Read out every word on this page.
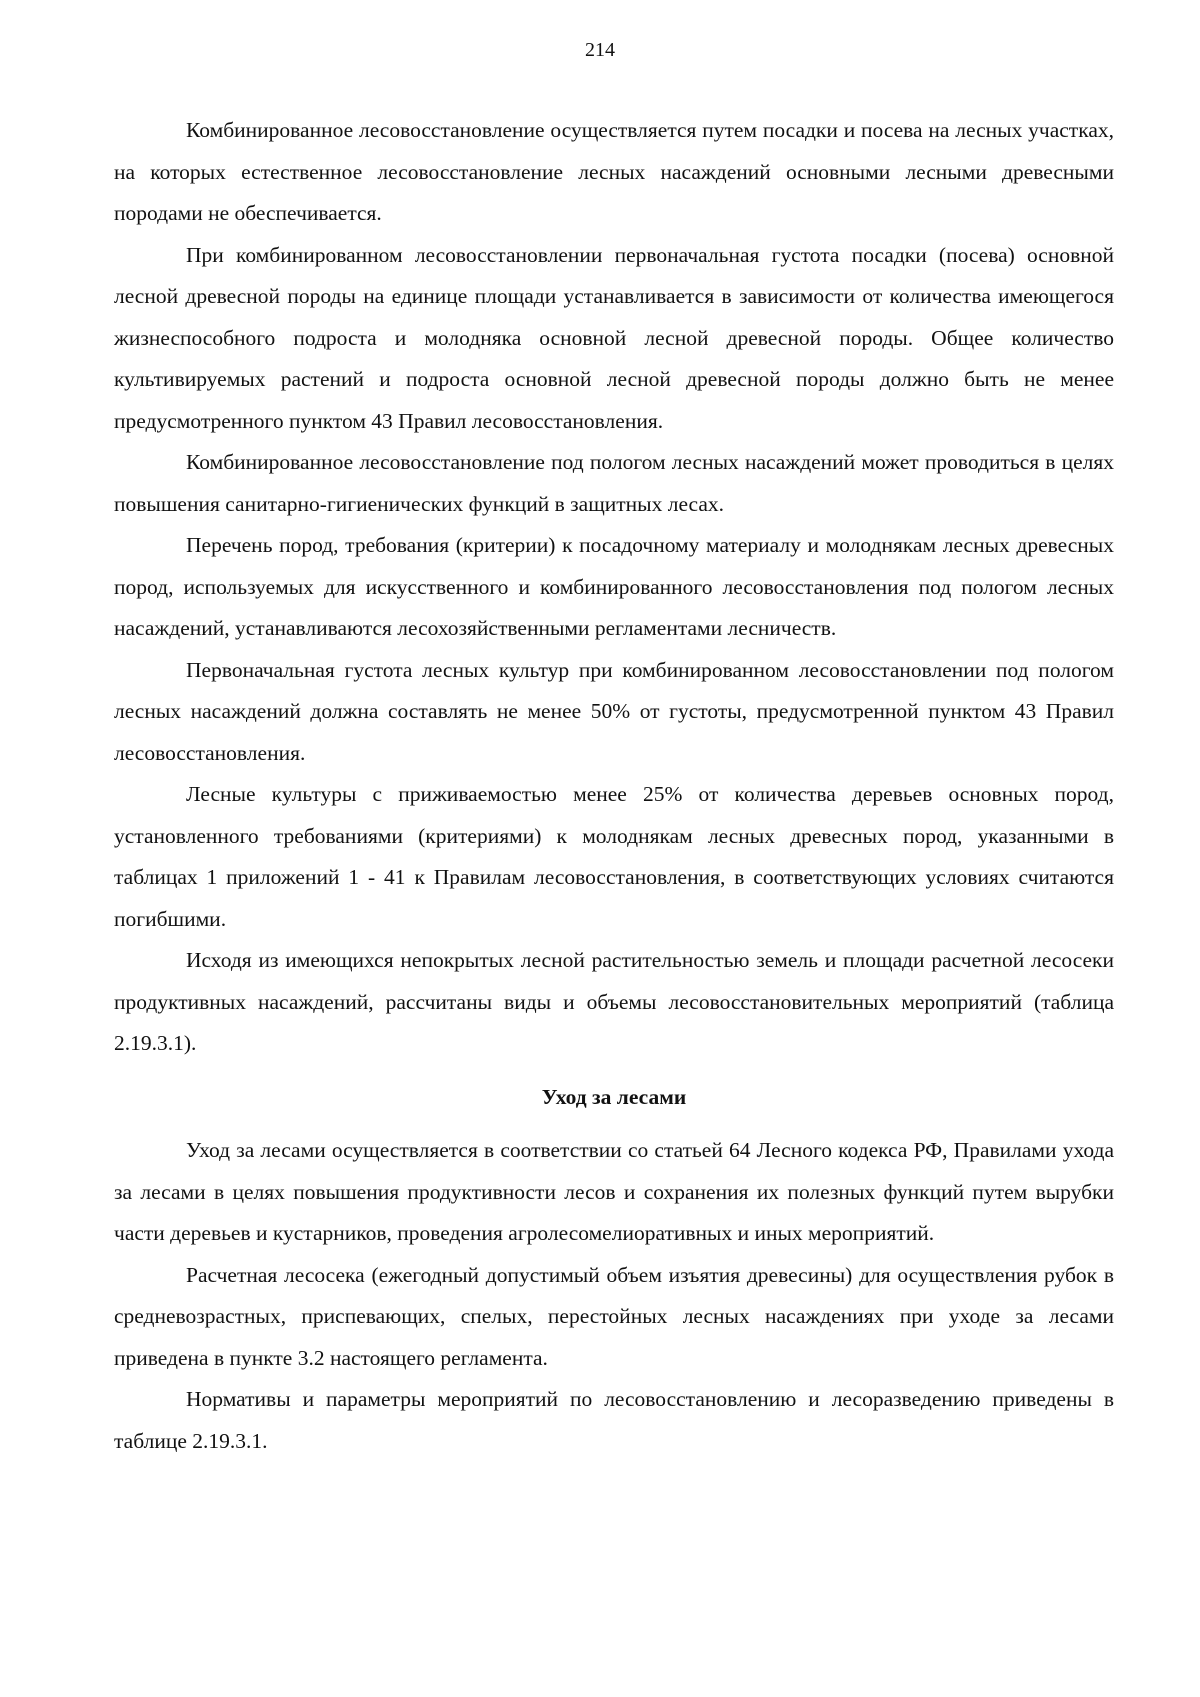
214

Комбинированное лесовосстановление осуществляется путем посадки и посева на лесных участках, на которых естественное лесовосстановление лесных насаждений основными лесными древесными породами не обеспечивается.

При комбинированном лесовосстановлении первоначальная густота посадки (посева) основной лесной древесной породы на единице площади устанавливается в зависимости от количества имеющегося жизнеспособного подроста и молодняка основной лесной древесной породы. Общее количество культивируемых растений и подроста основной лесной древесной породы должно быть не менее предусмотренного пунктом 43 Правил лесовосстановления.

Комбинированное лесовосстановление под пологом лесных насаждений может проводиться в целях повышения санитарно-гигиенических функций в защитных лесах.

Перечень пород, требования (критерии) к посадочному материалу и молоднякам лесных древесных пород, используемых для искусственного и комбинированного лесовосстановления под пологом лесных насаждений, устанавливаются лесохозяйственными регламентами лесничеств.

Первоначальная густота лесных культур при комбинированном лесовосстановлении под пологом лесных насаждений должна составлять не менее 50% от густоты, предусмотренной пунктом 43 Правил лесовосстановления.

Лесные культуры с приживаемостью менее 25% от количества деревьев основных пород, установленного требованиями (критериями) к молоднякам лесных древесных пород, указанными в таблицах 1 приложений 1 - 41 к Правилам лесовосстановления, в соответствующих условиях считаются погибшими.

Исходя из имеющихся непокрытых лесной растительностью земель и площади расчетной лесосеки продуктивных насаждений, рассчитаны виды и объемы лесовосстановительных мероприятий (таблица 2.19.3.1).

Уход за лесами

Уход за лесами осуществляется в соответствии со статьей 64 Лесного кодекса РФ, Правилами ухода за лесами в целях повышения продуктивности лесов и сохранения их полезных функций путем вырубки части деревьев и кустарников, проведения агролесомелиоративных и иных мероприятий.

Расчетная лесосека (ежегодный допустимый объем изъятия древесины) для осуществления рубок в средневозрастных, приспевающих, спелых, перестойных лесных насаждениях при уходе за лесами приведена в пункте 3.2 настоящего регламента.

Нормативы и параметры мероприятий по лесовосстановлению и лесоразведению приведены в таблице 2.19.3.1.
